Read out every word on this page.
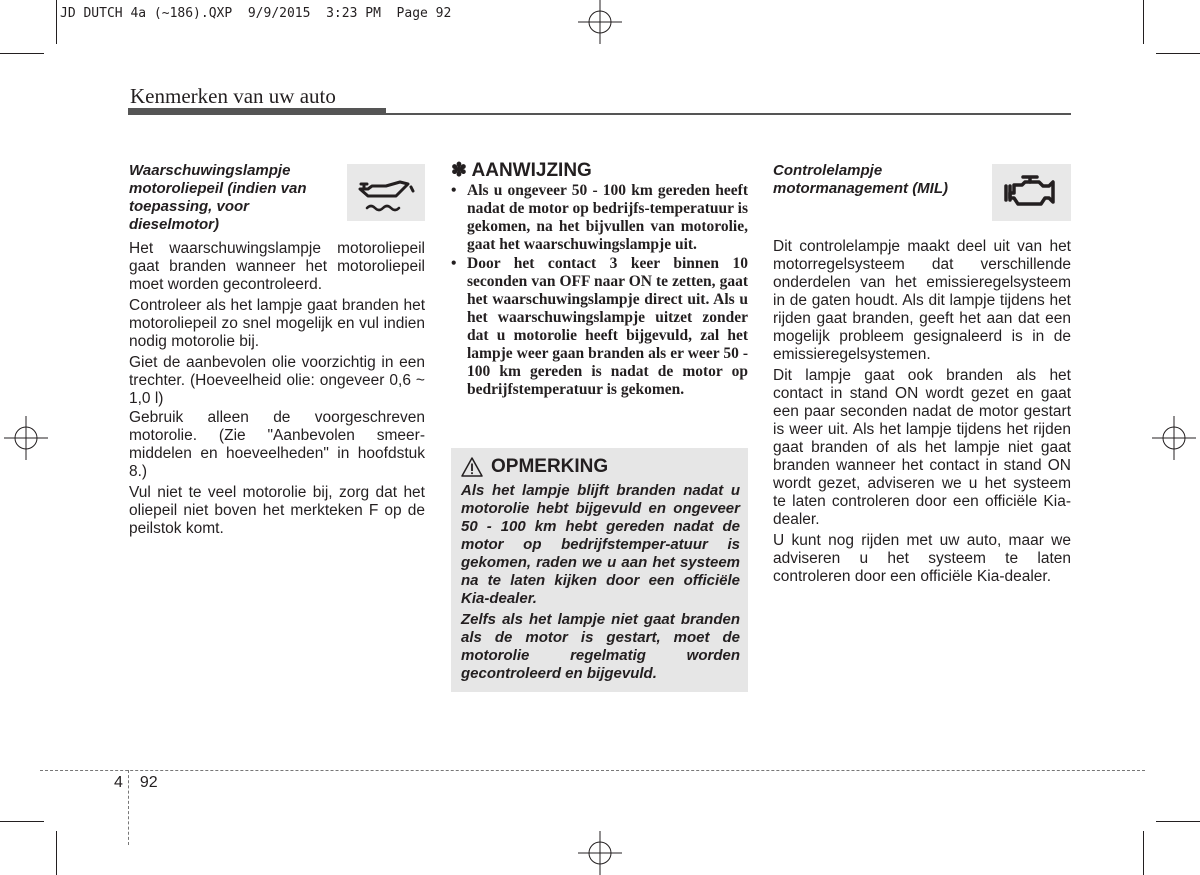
JD DUTCH 4a (~186).QXP  9/9/2015  3:23 PM  Page 92
Kenmerken van uw auto
Waarschuwingslampje motoroliepeil (indien van toepassing, voor dieselmotor)

Het waarschuwingslampje motoroliepeil gaat branden wanneer het motoroliepeil moet worden gecontroleerd.

Controleer als het lampje gaat branden het motoroliepeil zo snel mogelijk en vul indien nodig motorolie bij.

Giet de aanbevolen olie voorzichtig in een trechter. (Hoeveelheid olie: ongeveer 0,6 ~ 1,0 l)

Gebruik alleen de voorgeschreven motorolie. (Zie "Aanbevolen smeer-middelen en hoeveelheden" in hoofdstuk 8.)

Vul niet te veel motorolie bij, zorg dat het oliepeil niet boven het merkteken F op de peilstok komt.

✽ AANWIJZING
• Als u ongeveer 50 - 100 km gereden heeft nadat de motor op bedrijfs-temperatuur is gekomen, na het bijvullen van motorolie, gaat het waarschuwingslampje uit.
• Door het contact 3 keer binnen 10 seconden van OFF naar ON te zetten, gaat het waarschuwingslampje direct uit. Als u het waarschuwingslampje uitzet zonder dat u motorolie heeft bijgevuld, zal het lampje weer gaan branden als er weer 50 - 100 km gereden is nadat de motor op bedrijfstemperatuur is gekomen.
OPMERKING

Als het lampje blijft branden nadat u motorolie hebt bijgevuld en ongeveer 50 - 100 km hebt gereden nadat de motor op bedrijfstemper-atuur is gekomen, raden we u aan het systeem na te laten kijken door een officiële Kia-dealer.

Zelfs als het lampje niet gaat branden als de motor is gestart, moet de motorolie regelmatig worden gecontroleerd en bijgevuld.

Controlelampje motormanagement (MIL)

Dit controlelampje maakt deel uit van het motorregelsysteem dat verschillende onderdelen van het emissieregelsysteem in de gaten houdt. Als dit lampje tijdens het rijden gaat branden, geeft het aan dat een mogelijk probleem gesignaleerd is in de emissieregelsystemen.

Dit lampje gaat ook branden als het contact in stand ON wordt gezet en gaat een paar seconden nadat de motor gestart is weer uit. Als het lampje tijdens het rijden gaat branden of als het lampje niet gaat branden wanneer het contact in stand ON wordt gezet, adviseren we u het systeem te laten controleren door een officiële Kia-dealer.

U kunt nog rijden met uw auto, maar we adviseren u het systeem te laten controleren door een officiële Kia-dealer.

4 92
